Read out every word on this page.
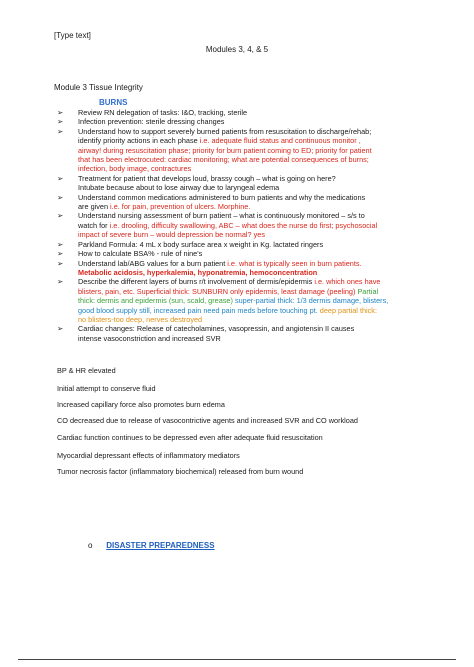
[Type text]
Modules 3, 4, & 5
Module 3 Tissue Integrity
BURNS
➢ Review RN delegation of tasks: I&O, tracking, sterile
➢ Infection prevention: sterile dressing changes
➢ Understand how to support severely burned patients from resuscitation to discharge/rehab;
identify priority actions in each phase i.e. adequate fluid status and continuous monitor ,
airway! during resuscitation phase; priority for burn patient coming to ED; priority for patient
that has been electrocuted: cardiac monitoring; what are potential consequences of burns;
infection, body image, contractures
➢ Treatment for patient that develops loud, brassy cough – what is going on here?
Intubate because about to lose airway due to laryngeal edema
➢ Understand common medications administered to burn patients and why the medications
are given i.e. for pain, prevention of ulcers. Morphine.
➢ Understand nursing assessment of burn patient – what is continuously monitored – s/s to
watch for i.e. drooling, difficulty swallowing, ABC – what does the nurse do first; psychosocial
impact of severe burn – would depression be normal? yes
➢ Parkland Formula: 4 mL x body surface area x weight in Kg. lactated ringers
➢ How to calculate BSA% - rule of nine's
➢ Understand lab/ABG values for a burn patient i.e. what is typically seen in burn patients.
Metabolic acidosis, hyperkalemia, hyponatremia, hemoconcentration
➢ Describe the different layers of burns r/t involvement of dermis/epidermis i.e. which ones have
blisters, pain, etc. Superficial thick: SUNBURN only epidermis, least damage (peeling) Partial
thick: dermis and epidermis (sun, scald, grease) super-partial thick: 1/3 dermis damage, blisters,
good blood supply still, increased pain need pain meds before touching pt. deep partial thick:
no blisters-too deep, nerves destroyed
➢ Cardiac changes: Release of catecholamines, vasopressin, and angiotensin II causes
intense vasoconstriction and increased SVR
BP & HR elevated
Initial attempt to conserve fluid
Increased capillary force also promotes burn edema
CO decreased due to release of vasocontrictive agents and increased SVR and CO workload
Cardiac function continues to be depressed even after adequate fluid resuscitation
Myocardial depressant effects of inflammatory mediators
Tumor necrosis factor (inflammatory biochemical) released from burn wound
o DISASTER PREPAREDNESS
